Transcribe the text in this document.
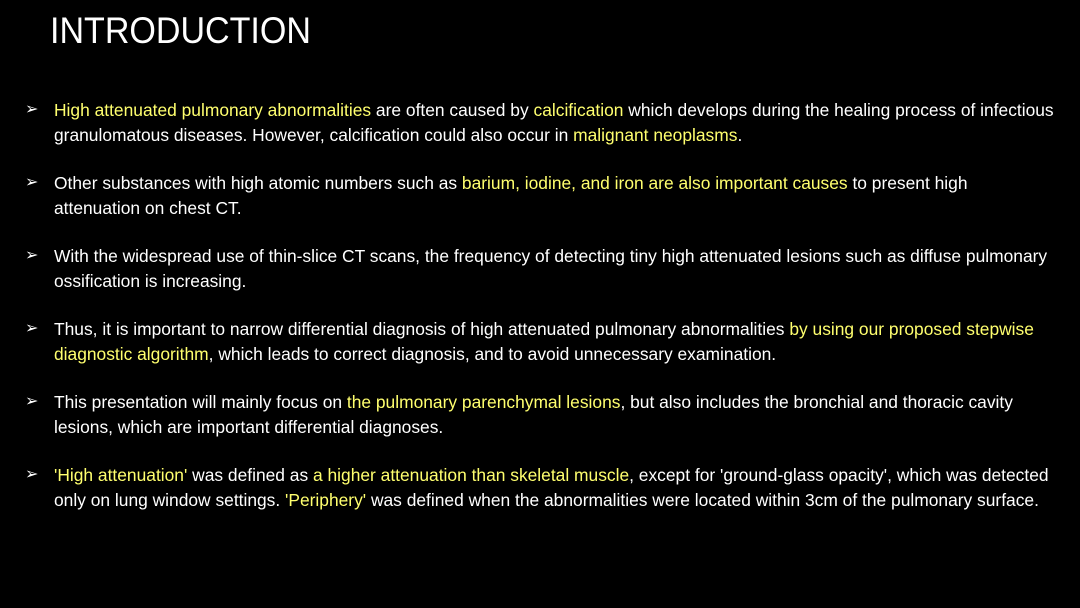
INTRODUCTION
➢ High attenuated pulmonary abnormalities are often caused by calcification which develops during the healing process of infectious granulomatous diseases. However, calcification could also occur in malignant neoplasms.
➢ Other substances with high atomic numbers such as barium, iodine, and iron are also important causes to present high attenuation on chest CT.
➢ With the widespread use of thin-slice CT scans, the frequency of detecting tiny high attenuated lesions such as diffuse pulmonary ossification is increasing.
➢ Thus, it is important to narrow differential diagnosis of high attenuated pulmonary abnormalities by using our proposed stepwise diagnostic algorithm, which leads to correct diagnosis, and to avoid unnecessary examination.
➢ This presentation will mainly focus on the pulmonary parenchymal lesions, but also includes the bronchial and thoracic cavity lesions, which are important differential diagnoses.
➢ 'High attenuation' was defined as a higher attenuation than skeletal muscle, except for 'ground-glass opacity', which was detected only on lung window settings. 'Periphery' was defined when the abnormalities were located within 3cm of the pulmonary surface.
